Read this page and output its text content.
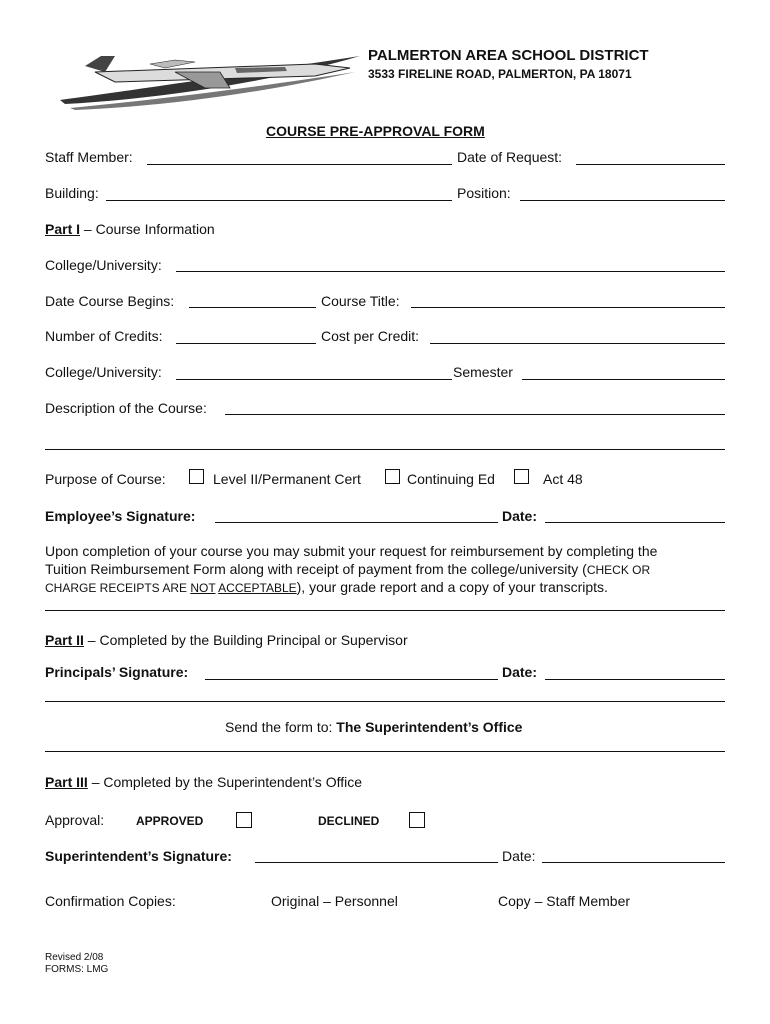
PALMERTON AREA SCHOOL DISTRICT
3533 FIRELINE ROAD, PALMERTON, PA 18071
COURSE PRE-APPROVAL FORM
Staff Member:	Date of Request:
Building:	Position:
Part I – Course Information
College/University:
Date Course Begins:	Course Title:
Number of Credits:	Cost per Credit:
College/University:	Semester
Description of the Course:
Purpose of Course:	Level II/Permanent Cert	Continuing Ed	Act 48
Employee’s Signature:	Date:
Upon completion of your course you may submit your request for reimbursement by completing the
Tuition Reimbursement Form along with receipt of payment from the college/university (CHECK OR
CHARGE RECEIPTS ARE NOT ACCEPTABLE), your grade report and a copy of your transcripts.
Part II – Completed by the Building Principal or Supervisor
Principals’ Signature:	Date:
Send the form to: The Superintendent’s Office
Part III – Completed by the Superintendent’s Office
Approval:	APPROVED	DECLINED
Superintendent’s Signature:	Date:
Confirmation Copies:	Original – Personnel	Copy – Staff Member
Revised 2/08
FORMS: LMG
